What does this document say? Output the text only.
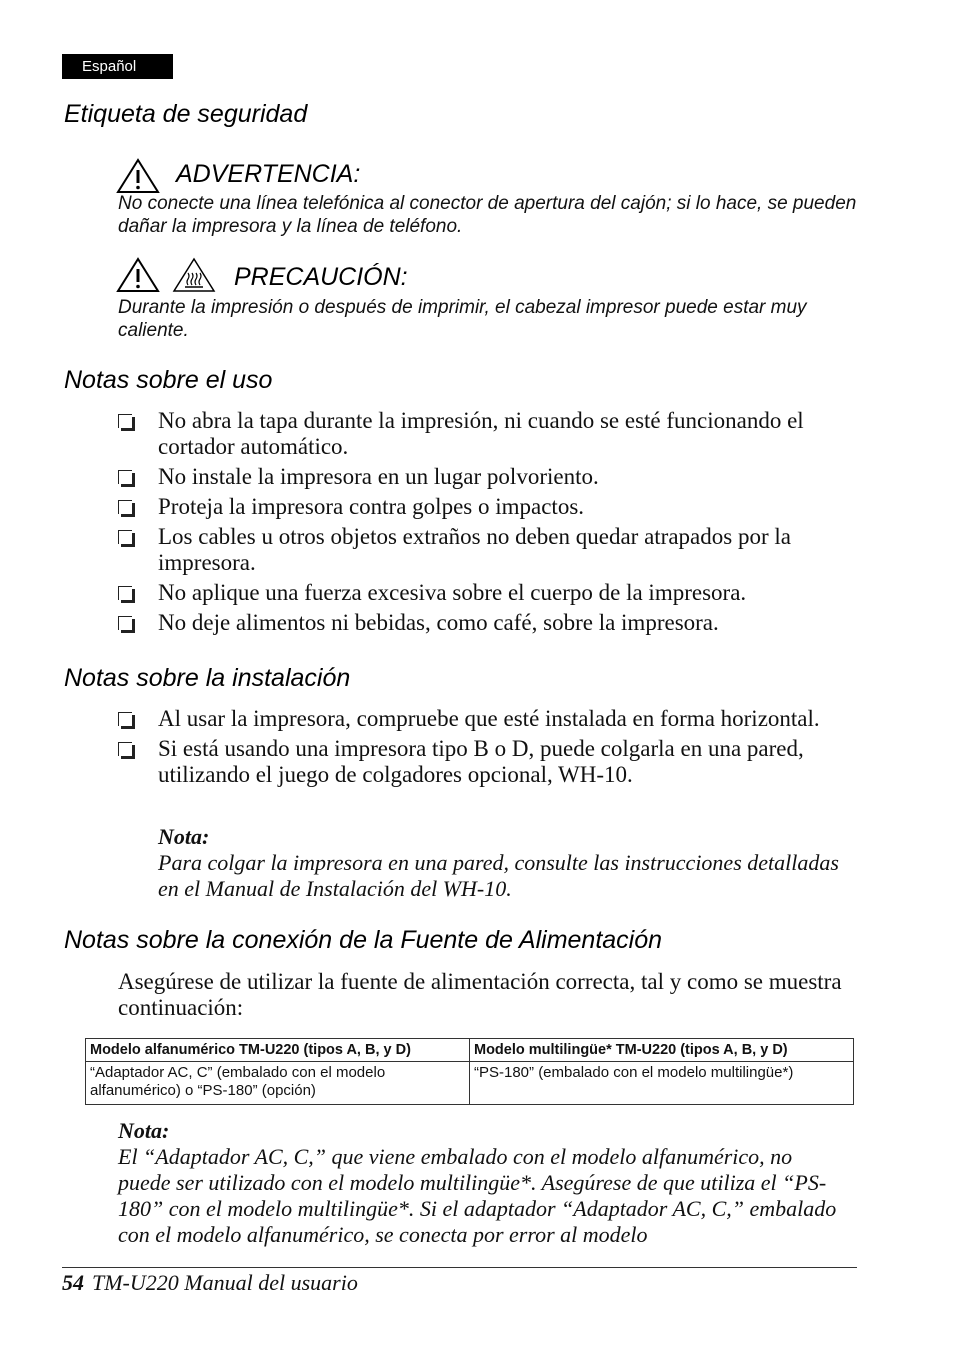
Español
Etiqueta de seguridad
ADVERTENCIA:

No conecte una línea telefónica al conector de apertura del cajón; si lo hace, se pueden dañar la impresora y la línea de teléfono.

PRECAUCIÓN:

Durante la impresión o después de imprimir, el cabezal impresor puede estar muy caliente.

Notas sobre el uso
No abra la tapa durante la impresión, ni cuando se esté funcionando el cortador automático.
No instale la impresora en un lugar polvoriento.
Proteja la impresora contra golpes o impactos.
Los cables u otros objetos extraños no deben quedar atrapados por la impresora.
No aplique una fuerza excesiva sobre el cuerpo de la impresora.
No deje alimentos ni bebidas, como café, sobre la impresora.
Notas sobre la instalación
Al usar la impresora, compruebe que esté instalada en forma horizontal.
Si está usando una impresora tipo B o D, puede colgarla en una pared, utilizando el juego de colgadores opcional, WH-10.
Nota:
Para colgar la impresora en una pared, consulte las instrucciones detalladas en el Manual de Instalación del WH-10.
Notas sobre la conexión de la Fuente de Alimentación

Asegúrese de utilizar la fuente de alimentación correcta, tal y como se muestra continuación:

Modelo alfanumérico TM-U220 (tipos A, B, y D)	Modelo multilingüe* TM-U220 (tipos A, B, y D)
“Adaptador AC, C” (embalado con el modelo alfanumérico) o “PS-180” (opción)	“PS-180” (embalado con el modelo multilingüe*)
Nota:
El “Adaptador AC, C,” que viene embalado con el modelo alfanumérico, no puede ser utilizado con el modelo multilingüe*. Asegúrese de que utiliza el “PS-180” con el modelo multilingüe*. Si el adaptador “Adaptador AC, C,” embalado con el modelo alfanumérico, se conecta por error al modelo
54 TM-U220 Manual del usuario
